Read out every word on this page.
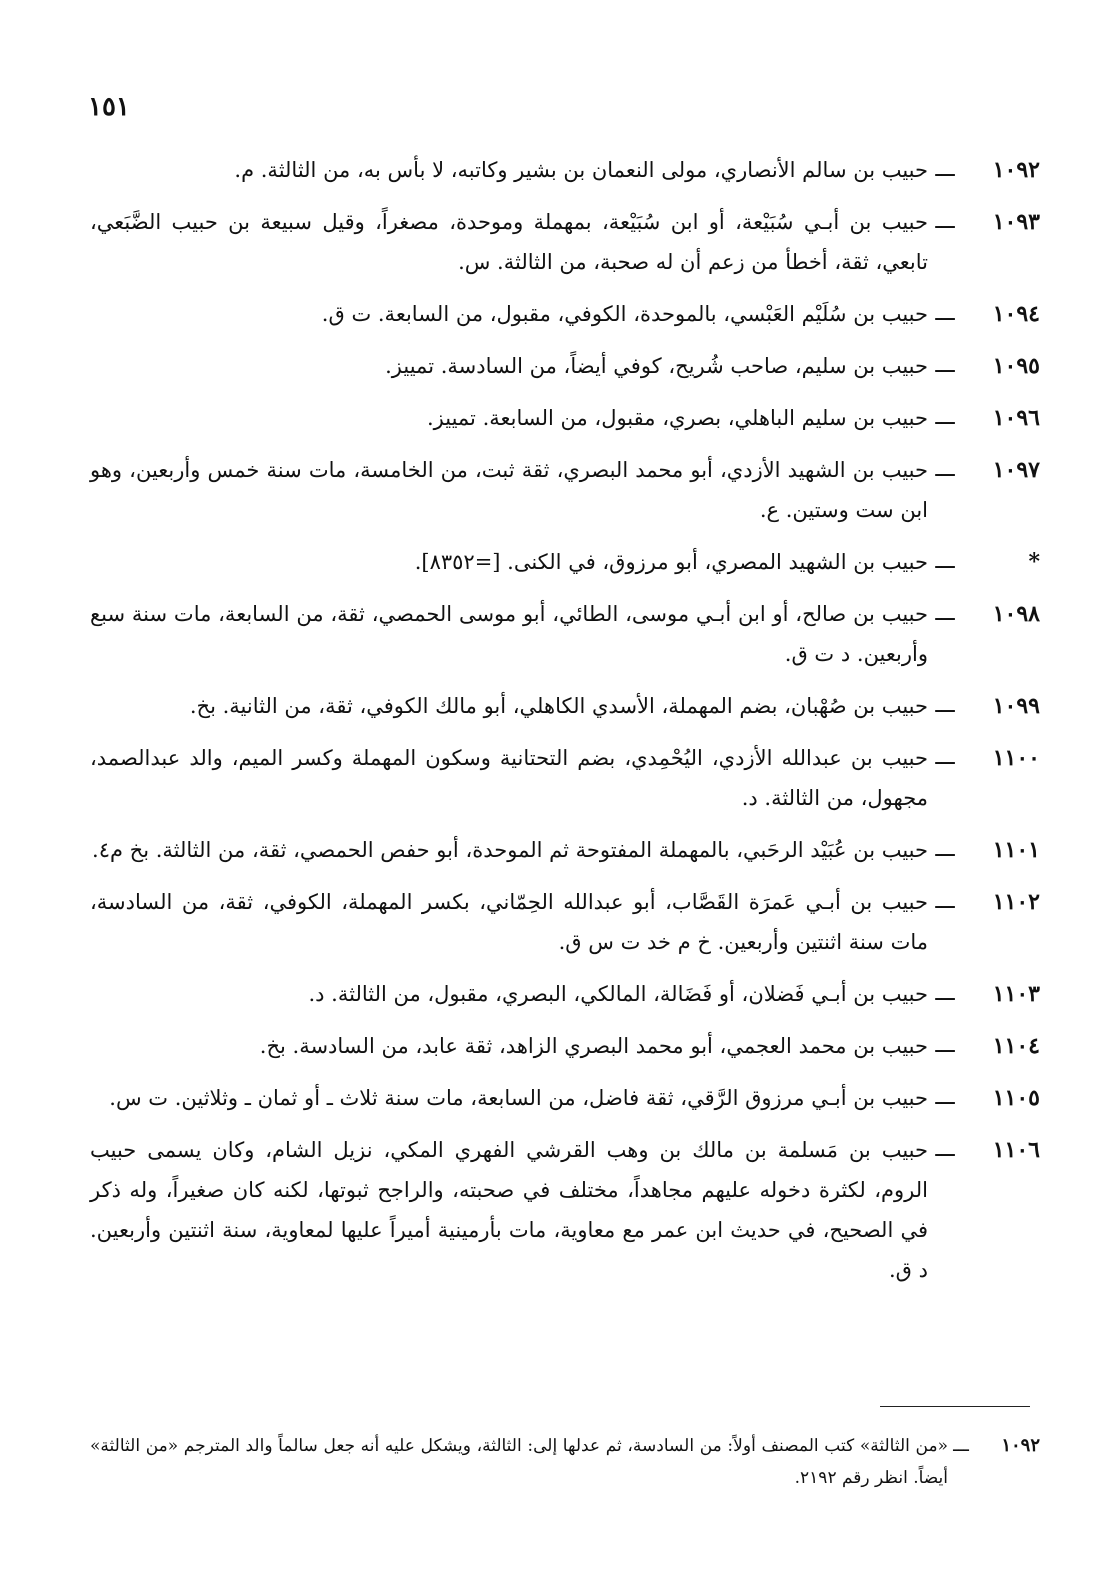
١٥١
١٠٩٢
ـــ
حبيب بن سالم الأنصاري، مولى النعمان بن بشير وكاتبه، لا بأس به، من الثالثة. م.
١٠٩٣
ـــ
حبيب بن أبـي سُبَيْعة، أو ابن سُبَيْعة، بمهملة وموحدة، مصغراً، وقيل سبيعة بن حبيب الضَّبَعي، تابعي، ثقة، أخطأ من زعم أن له صحبة، من الثالثة. س.
١٠٩٤
ـــ
حبيب بن سُلَيْم العَبْسي، بالموحدة، الكوفي، مقبول، من السابعة. ت ق.
١٠٩٥
ـــ
حبيب بن سليم، صاحب شُريح، كوفي أيضاً، من السادسة. تمييز.
١٠٩٦
ـــ
حبيب بن سليم الباهلي، بصري، مقبول، من السابعة. تمييز.
١٠٩٧
ـــ
حبيب بن الشهيد الأزدي، أبو محمد البصري، ثقة ثبت، من الخامسة، مات سنة خمس وأربعين، وهو ابن ست وستين. ع.
*
ـــ
حبيب بن الشهيد المصري، أبو مرزوق، في الكنى. [=٨٣٥٢].
١٠٩٨
ـــ
حبيب بن صالح، أو ابن أبـي موسى، الطائي، أبو موسى الحمصي، ثقة، من السابعة، مات سنة سبع وأربعين. د ت ق.
١٠٩٩
ـــ
حبيب بن صُهْبان، بضم المهملة، الأسدي الكاهلي، أبو مالك الكوفي، ثقة، من الثانية. بخ.
١١٠٠
ـــ
حبيب بن عبدالله الأزدي، اليُحْمِدي، بضم التحتانية وسكون المهملة وكسر الميم، والد عبدالصمد، مجهول، من الثالثة. د.
١١٠١
ـــ
حبيب بن عُبَيْد الرحَبي، بالمهملة المفتوحة ثم الموحدة، أبو حفص الحمصي، ثقة، من الثالثة. بخ م٤.
١١٠٢
ـــ
حبيب بن أبـي عَمرَة القَصَّاب، أبو عبدالله الحِمّاني، بكسر المهملة، الكوفي، ثقة، من السادسة، مات سنة اثنتين وأربعين. خ م خد ت س ق.
١١٠٣
ـــ
حبيب بن أبـي فَضلان، أو فَضَالة، المالكي، البصري، مقبول، من الثالثة. د.
١١٠٤
ـــ
حبيب بن محمد العجمي، أبو محمد البصري الزاهد، ثقة عابد، من السادسة. بخ.
١١٠٥
ـــ
حبيب بن أبـي مرزوق الرَّقي، ثقة فاضل، من السابعة، مات سنة ثلاث ـ أو ثمان ـ وثلاثين. ت س.
١١٠٦
ـــ
حبيب بن مَسلمة بن مالك بن وهب القرشي الفهري المكي، نزيل الشام، وكان يسمى حبيب الروم، لكثرة دخوله عليهم مجاهداً، مختلف في صحبته، والراجح ثبوتها، لكنه كان صغيراً، وله ذكر في الصحيح، في حديث ابن عمر مع معاوية، مات بأرمينية أميراً عليها لمعاوية، سنة اثنتين وأربعين. د ق.
١٠٩٢
ـــ
«من الثالثة» كتب المصنف أولاً: من السادسة، ثم عدلها إلى: الثالثة، ويشكل عليه أنه جعل سالماً والد المترجم «من الثالثة» أيضاً. انظر رقم ٢١٩٢.
